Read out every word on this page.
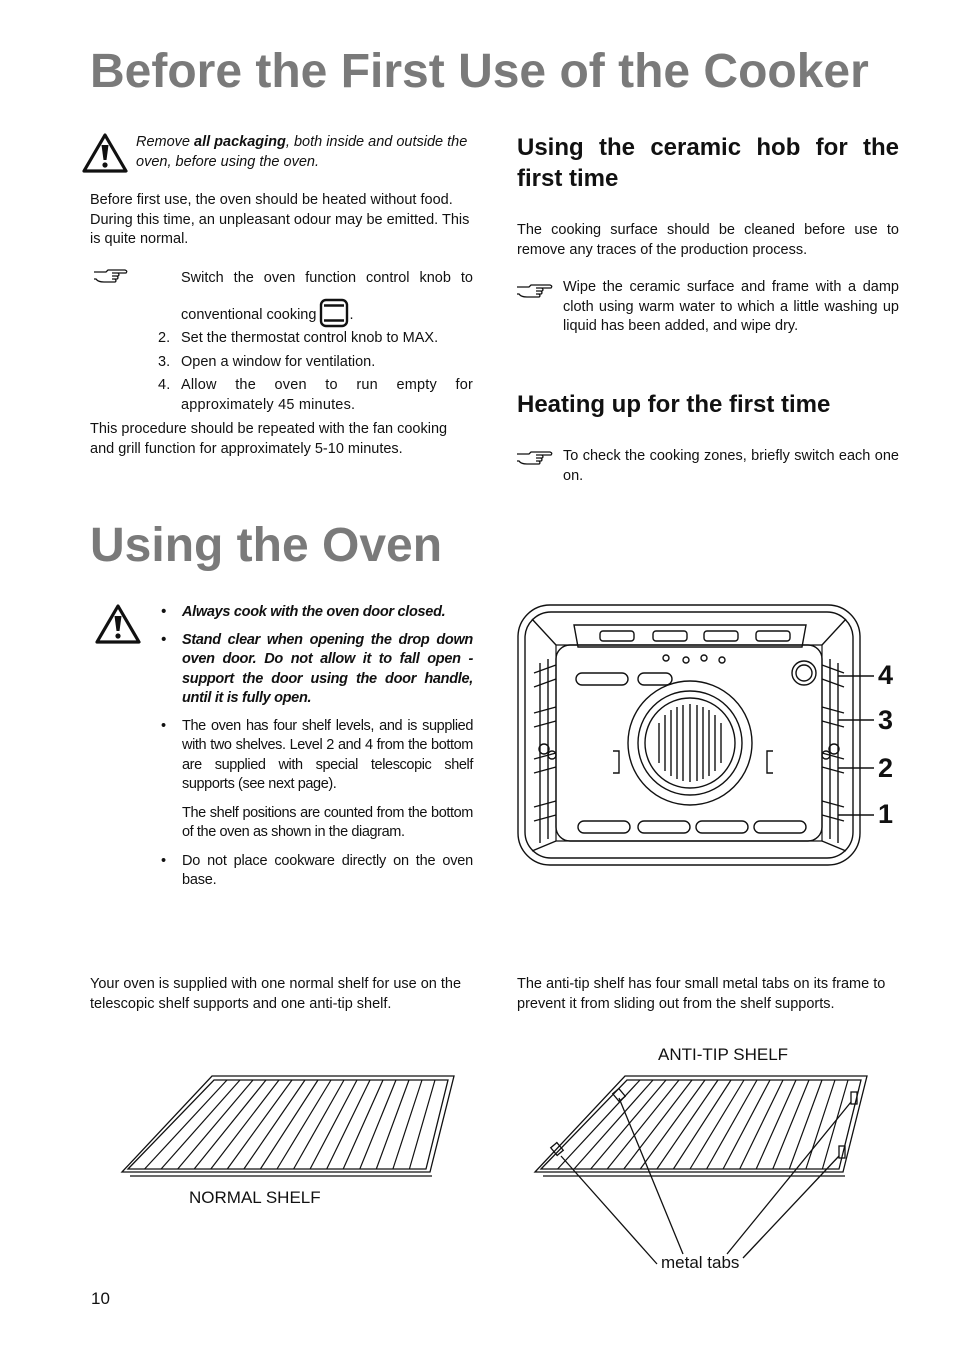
Before the First Use of the Cooker

Remove all packaging, both inside and outside the oven, before using the oven.

Before first use, the oven should be heated without food. During this time, an unpleasant odour may be emitted. This is quite normal.

Switch the oven function control knob to
conventional cooking .
2. Set the thermostat control knob to MAX.
3. Open a window for ventilation.
4. Allow the oven to run empty for approximately 45 minutes.

This procedure should be repeated with the fan cooking and grill function for approximately 5-10 minutes.

Using the ceramic hob for the first time

The cooking surface should be cleaned before use to remove any traces of the production process.

Wipe the ceramic surface and frame with a damp cloth using warm water to which a little washing up liquid has been added, and wipe dry.

Heating up for the first time

To check the cooking zones, briefly switch each one on.

Using the Oven
• Always cook with the oven door closed.
• Stand clear when opening the drop down oven door. Do not allow it to fall open - support the door using the door handle, until it is fully open.
• The oven has four shelf levels, and is supplied with two shelves. Level 2 and 4 from the bottom are supplied with special telescopic shelf supports (see next page).
The shelf positions are counted from the bottom of the oven as shown in the diagram.
• Do not place cookware directly on the oven base.
4
3
2
1

Your oven is supplied with one normal shelf for use on the telescopic shelf supports and one anti-tip shelf.

The anti-tip shelf has four small metal tabs on its frame to prevent it from sliding out from the shelf supports.

NORMAL SHELF
ANTI-TIP SHELF
metal tabs
10
